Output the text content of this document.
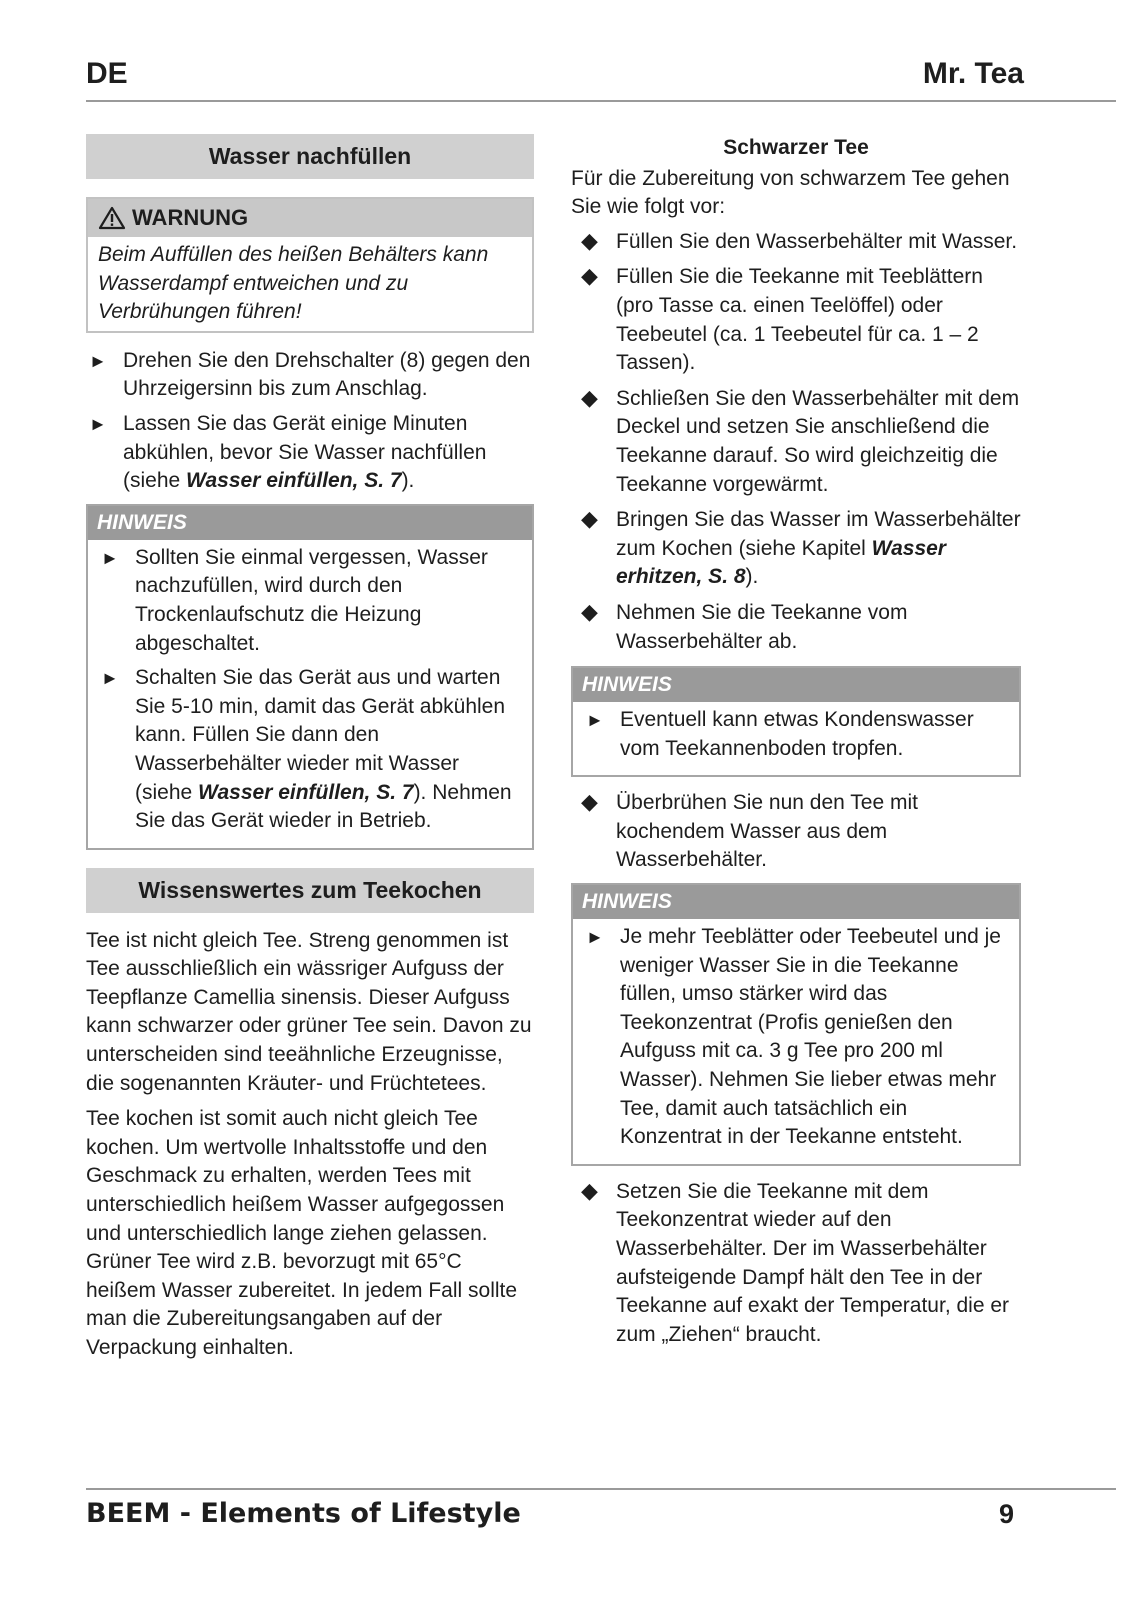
DE	Mr. Tea
Wasser nachfüllen
WARNUNG
Beim Auffüllen des heißen Behälters kann Wasserdampf entweichen und zu Verbrühungen führen!
► Drehen Sie den Drehschalter (8) gegen den Uhrzeigersinn bis zum Anschlag.
► Lassen Sie das Gerät einige Minuten abkühlen, bevor Sie Wasser nachfüllen (siehe Wasser einfüllen, S. 7).
HINWEIS
► Sollten Sie einmal vergessen, Wasser nachzufüllen, wird durch den Trockenlaufschutz die Heizung abgeschaltet.
► Schalten Sie das Gerät aus und warten Sie 5-10 min, damit das Gerät abkühlen kann. Füllen Sie dann den Wasserbehälter wieder mit Wasser (siehe Wasser einfüllen, S. 7). Nehmen Sie das Gerät wieder in Betrieb.
Wissenswertes zum Teekochen

Tee ist nicht gleich Tee. Streng genommen ist Tee ausschließlich ein wässriger Aufguss der Teepflanze Camellia sinensis. Dieser Aufguss kann schwarzer oder grüner Tee sein. Davon zu unterscheiden sind teeähnliche Erzeugnisse, die sogenannten Kräuter- und Früchtetees.

Tee kochen ist somit auch nicht gleich Tee kochen. Um wertvolle Inhaltsstoffe und den Geschmack zu erhalten, werden Tees mit unterschiedlich heißem Wasser aufgegossen und unterschiedlich lange ziehen gelassen. Grüner Tee wird z.B. bevorzugt mit 65°C heißem Wasser zubereitet. In jedem Fall sollte man die Zubereitungsangaben auf der Verpackung einhalten.

Schwarzer Tee
Für die Zubereitung von schwarzem Tee gehen Sie wie folgt vor:
◆ Füllen Sie den Wasserbehälter mit Wasser.
◆ Füllen Sie die Teekanne mit Teeblättern (pro Tasse ca. einen Teelöffel) oder Teebeutel (ca. 1 Teebeutel für ca. 1 – 2 Tassen).
◆ Schließen Sie den Wasserbehälter mit dem Deckel und setzen Sie anschließend die Teekanne darauf. So wird gleichzeitig die Teekanne vorgewärmt.
◆ Bringen Sie das Wasser im Wasserbehälter zum Kochen (siehe Kapitel Wasser erhitzen, S. 8).
◆ Nehmen Sie die Teekanne vom Wasserbehälter ab.
HINWEIS
► Eventuell kann etwas Kondenswasser vom Teekannenboden tropfen.
◆ Überbrühen Sie nun den Tee mit kochendem Wasser aus dem Wasserbehälter.
HINWEIS
► Je mehr Teeblätter oder Teebeutel und je weniger Wasser Sie in die Teekanne füllen, umso stärker wird das Teekonzentrat (Profis genießen den Aufguss mit ca. 3 g Tee pro 200 ml Wasser). Nehmen Sie lieber etwas mehr Tee, damit auch tatsächlich ein Konzentrat in der Teekanne entsteht.
◆ Setzen Sie die Teekanne mit dem Teekonzentrat wieder auf den Wasserbehälter. Der im Wasserbehälter aufsteigende Dampf hält den Tee in der Teekanne auf exakt der Temperatur, die er zum „Ziehen“ braucht.
BEEM - Elements of Lifestyle	9
